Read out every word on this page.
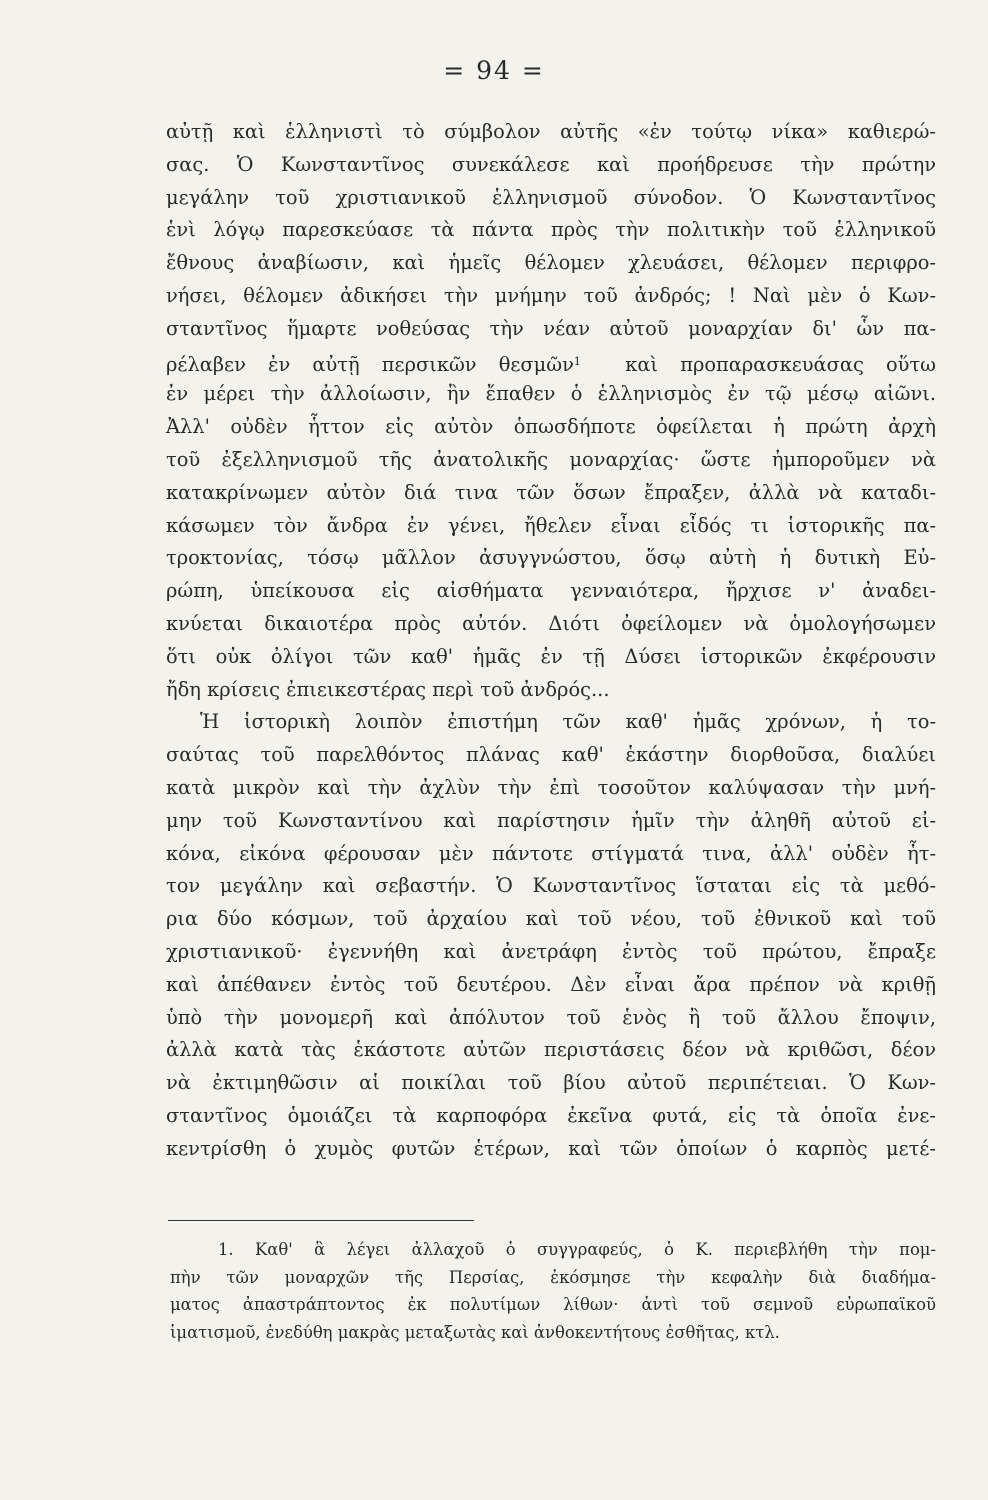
= 94 =
αὐτῇ καὶ ἑλληνιστὶ τὸ σύμβολον αὐτῆς «ἐν τούτῳ νίκα» καθιερώ-
σας. Ὁ Κωνσταντῖνος συνεκάλεσε καὶ προήδρευσε τὴν πρώτην
μεγάλην τοῦ χριστιανικοῦ ἑλληνισμοῦ σύνοδον. Ὁ Κωνσταντῖνος
ἑνὶ λόγῳ παρεσκεύασε τὰ πάντα πρὸς τὴν πολιτικὴν τοῦ ἑλληνικοῦ
ἔθνους ἀναβίωσιν, καὶ ἡμεῖς θέλομεν χλευάσει, θέλομεν περιφρο-
νήσει, θέλομεν ἀδικήσει τὴν μνήμην τοῦ ἀνδρός; ! Ναὶ μὲν ὁ Κων-
σταντῖνος ἥμαρτε νοθεύσας τὴν νέαν αὐτοῦ μοναρχίαν δι' ὧν πα-
ρέλαβεν ἐν αὐτῇ περσικῶν θεσμῶν$^1$ καὶ προπαρασκευάσας οὕτω
ἐν μέρει τὴν ἀλλοίωσιν, ἣν ἔπαθεν ὁ ἑλληνισμὸς ἐν τῷ μέσῳ αἰῶνι.
Ἀλλ' οὐδὲν ἧττον εἰς αὐτὸν ὁπωσδήποτε ὀφείλεται ἡ πρώτη ἀρχὴ
τοῦ ἐξελληνισμοῦ τῆς ἀνατολικῆς μοναρχίας· ὥστε ἠμποροῦμεν νὰ
κατακρίνωμεν αὐτὸν διά τινα τῶν ὅσων ἔπραξεν, ἀλλὰ νὰ καταδι-
κάσωμεν τὸν ἄνδρα ἐν γένει, ἤθελεν εἶναι εἶδός τι ἱστορικῆς πα-
τροκτονίας, τόσῳ μᾶλλον ἀσυγγνώστου, ὅσῳ αὐτὴ ἡ δυτικὴ Εὐ-
ρώπη, ὑπείκουσα εἰς αἰσθήματα γενναιότερα, ἤρχισε ν' ἀναδει-
κνύεται δικαιοτέρα πρὸς αὐτόν. Διότι ὀφείλομεν νὰ ὁμολογήσωμεν
ὅτι οὐκ ὀλίγοι τῶν καθ' ἡμᾶς ἐν τῇ Δύσει ἱστορικῶν ἐκφέρουσιν
ἤδη κρίσεις ἐπιεικεστέρας περὶ τοῦ ἀνδρός...
Ἡ ἱστορικὴ λοιπὸν ἐπιστήμη τῶν καθ' ἡμᾶς χρόνων, ἡ το-
σαύτας τοῦ παρελθόντος πλάνας καθ' ἑκάστην διορθοῦσα, διαλύει
κατὰ μικρὸν καὶ τὴν ἀχλὺν τὴν ἐπὶ τοσοῦτον καλύψασαν τὴν μνή-
μην τοῦ Κωνσταντίνου καὶ παρίστησιν ἡμῖν τὴν ἀληθῆ αὐτοῦ εἰ-
κόνα, εἰκόνα φέρουσαν μὲν πάντοτε στίγματά τινα, ἀλλ' οὐδὲν ἧτ-
τον μεγάλην καὶ σεβαστήν. Ὁ Κωνσταντῖνος ἵσταται εἰς τὰ μεθό-
ρια δύο κόσμων, τοῦ ἀρχαίου καὶ τοῦ νέου, τοῦ ἐθνικοῦ καὶ τοῦ
χριστιανικοῦ· ἐγεννήθη καὶ ἀνετράφη ἐντὸς τοῦ πρώτου, ἔπραξε
καὶ ἀπέθανεν ἐντὸς τοῦ δευτέρου. Δὲν εἶναι ἄρα πρέπον νὰ κριθῇ
ὑπὸ τὴν μονομερῆ καὶ ἀπόλυτον τοῦ ἑνὸς ἢ τοῦ ἄλλου ἔποψιν,
ἀλλὰ κατὰ τὰς ἑκάστοτε αὐτῶν περιστάσεις δέον νὰ κριθῶσι, δέον
νὰ ἐκτιμηθῶσιν αἱ ποικίλαι τοῦ βίου αὐτοῦ περιπέτειαι. Ὁ Κων-
σταντῖνος ὁμοιάζει τὰ καρποφόρα ἐκεῖνα φυτά, εἰς τὰ ὁποῖα ἐνε-
κεντρίσθη ὁ χυμὸς φυτῶν ἑτέρων, καὶ τῶν ὁποίων ὁ καρπὸς μετέ-
1. Καθ' ἃ λέγει ἀλλαχοῦ ὁ συγγραφεύς, ὁ Κ. περιεβλήθη τὴν πομ-
πὴν τῶν μοναρχῶν τῆς Περσίας, ἐκόσμησε τὴν κεφαλὴν διὰ διαδήμα-
ματος ἀπαστράπτοντος ἐκ πολυτίμων λίθων· ἀντὶ τοῦ σεμνοῦ εὐρωπαϊκοῦ
ἱματισμοῦ, ἐνεδύθη μακρὰς μεταξωτὰς καὶ ἀνθοκεντήτους ἐσθῆτας, κτλ.
